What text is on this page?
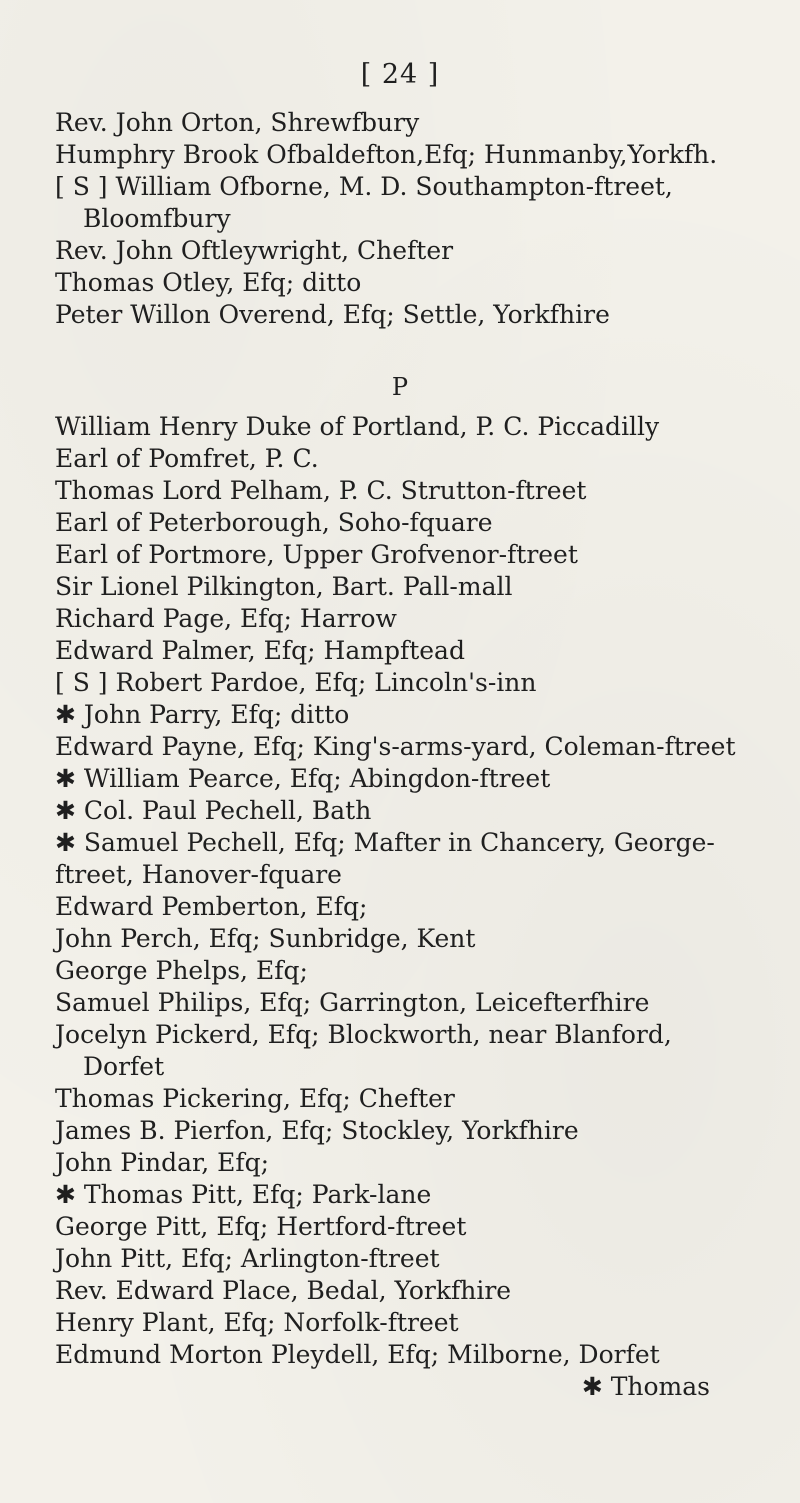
[ 24 ]

Rev. John Orton, Shrewfbury

Humphry Brook Ofbaldefton,Efq; Hunmanby,Yorkfh.

[ S ] William Ofborne, M. D. Southampton-ftreet,

Bloomfbury

Rev. John Oftleywright, Chefter

Thomas Otley, Efq; ditto

Peter Willon Overend, Efq; Settle, Yorkfhire

P

William Henry Duke of Portland, P. C. Piccadilly

Earl of Pomfret, P. C.

Thomas Lord Pelham, P. C. Strutton-ftreet

Earl of Peterborough, Soho-fquare

Earl of Portmore, Upper Grofvenor-ftreet

Sir Lionel Pilkington, Bart. Pall-mall

Richard Page, Efq; Harrow

Edward Palmer, Efq; Hampftead

[ S ] Robert Pardoe, Efq; Lincoln's-inn

✱ John Parry, Efq; ditto

Edward Payne, Efq; King's-arms-yard, Coleman-ftreet

✱ William Pearce, Efq; Abingdon-ftreet

✱ Col. Paul Pechell, Bath

✱ Samuel Pechell, Efq; Mafter in Chancery, George-

ftreet, Hanover-fquare

Edward Pemberton, Efq;

John Perch, Efq; Sunbridge, Kent

George Phelps, Efq;

Samuel Philips, Efq; Garrington, Leicefterfhire

Jocelyn Pickerd, Efq; Blockworth, near Blanford,

Dorfet

Thomas Pickering, Efq; Chefter

James B. Pierfon, Efq; Stockley, Yorkfhire

John Pindar, Efq;

✱ Thomas Pitt, Efq; Park-lane

George Pitt, Efq; Hertford-ftreet

John Pitt, Efq; Arlington-ftreet

Rev. Edward Place, Bedal, Yorkfhire

Henry Plant, Efq; Norfolk-ftreet

Edmund Morton Pleydell, Efq; Milborne, Dorfet

✱ Thomas
